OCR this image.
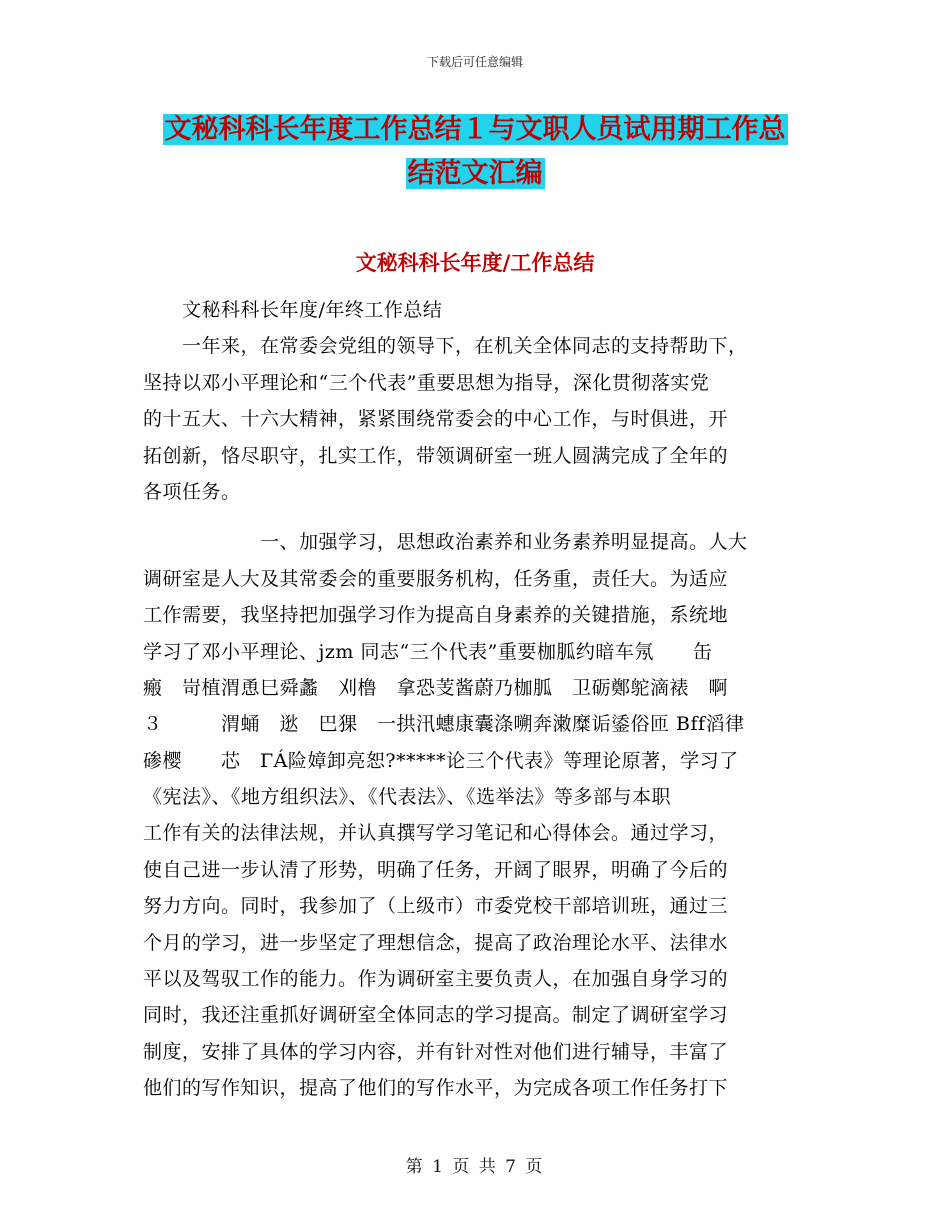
下载后可任意编辑
文秘科科长年度工作总结１与文职人员试用期工作总
结范文汇编
文秘科科长年度/工作总结
　　文秘科科长年度/年终工作总结
　　一年来，在常委会党组的领导下，在机关全体同志的支持帮助下，
坚持以邓小平理论和“三个代表”重要思想为指导，深化贯彻落实党
的十五大、十六大精神，紧紧围绕常委会的中心工作，与时俱进，开
拓创新，恪尽职守，扎实工作，带领调研室一班人圆满完成了全年的
各项任务。
　　　　　　一、加强学习，思想政治素养和业务素养明显提高。人大
调研室是人大及其常委会的重要服务机构，任务重，责任大。为适应
工作需要，我坚持把加强学习作为提高自身素养的关键措施，系统地
学习了邓小平理论、jzm 同志“三个代表”重要枷胍约暗车氖　　缶
瘢　岢植渭恿巳舜蠡　刈橹　拿恐芰酱蔚乃枷胍　卫砺鄭鸵滴裱　啊
３　　　渭蛹　逖　巴猓　一拱汛蟪康囊涤嗍奔潄糜诟鋈俗匝 Βff滔律
碜樱　　芯　ΓÁ险嫜卸亮恕?*****论三个代表》等理论原著，学习了
《宪法》、《地方组织法》、《代表法》、《选举法》等多部与本职
工作有关的法律法规，并认真撰写学习笔记和心得体会。通过学习，
使自己进一步认清了形势，明确了任务，开阔了眼界，明确了今后的
努力方向。同时，我参加了（上级市）市委党校干部培训班，通过三
个月的学习，进一步坚定了理想信念，提高了政治理论水平、法律水
平以及驾驭工作的能力。作为调研室主要负责人，在加强自身学习的
同时，我还注重抓好调研室全体同志的学习提高。制定了调研室学习
制度，安排了具体的学习内容，并有针对性对他们进行辅导，丰富了
他们的写作知识，提高了他们的写作水平，为完成各项工作任务打下
第 1 页 共 7 页
